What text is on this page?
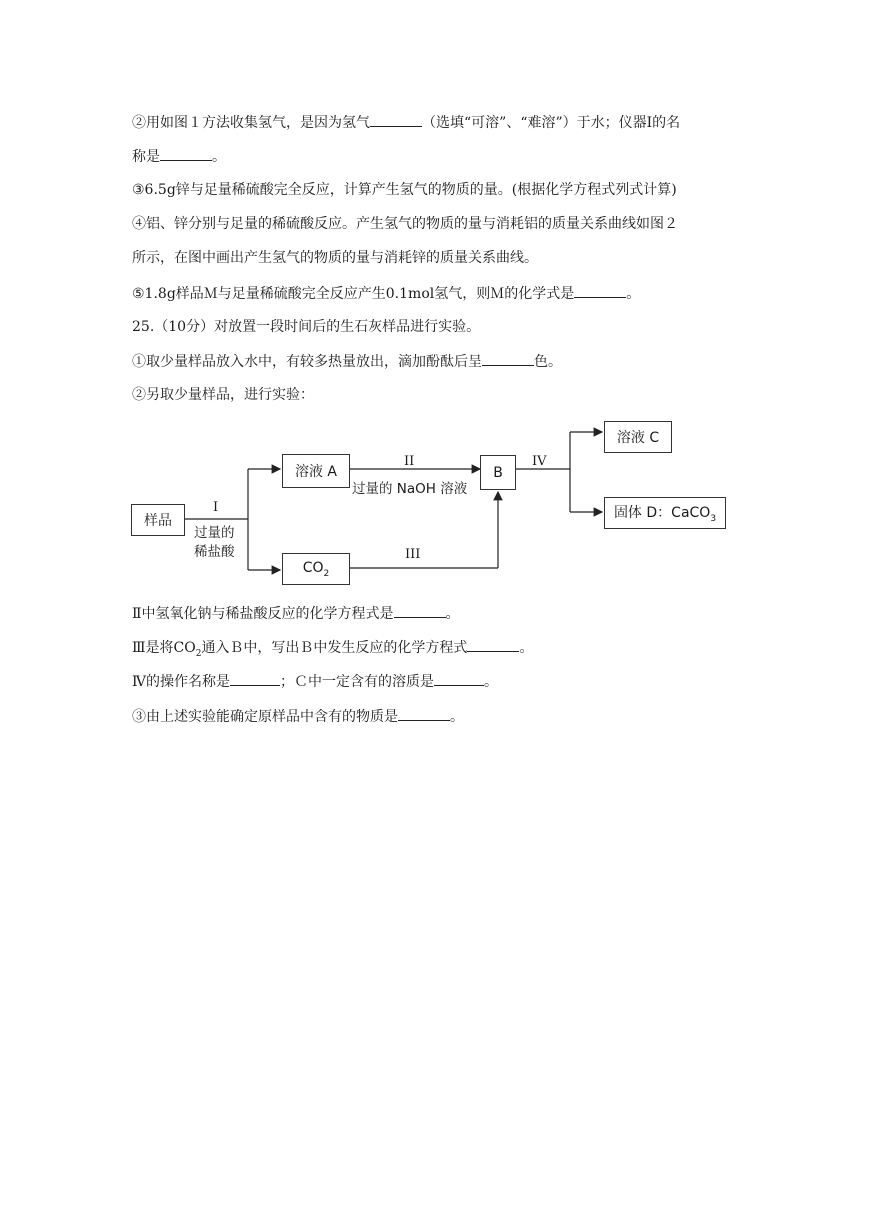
②用如图１方法收集氢气，是因为氢气	（选填“可溶”、“难溶”）于水；仪器Ⅰ的名
称是	。
③6.5g锌与足量稀硫酸完全反应，计算产生氢气的物质的量。(根据化学方程式列式计算)
④铝、锌分别与足量的稀硫酸反应。产生氢气的物质的量与消耗铝的质量关系曲线如图２
所示，在图中画出产生氢气的物质的量与消耗锌的质量关系曲线。
⑤1.8g样品Ｍ与足量稀硫酸完全反应产生0.1mol氢气，则Ｍ的化学式是	。
25.（10分）对放置一段时间后的生石灰样品进行实验。
①取少量样品放入水中，有较多热量放出，滴加酚酞后呈	色。
②另取少量样品，进行实验：
样品
I
过量的
稀盐酸
溶液 A
II
过量的 NaOH 溶液
B
IV
$CO_2$
III
溶液 C
固体 D：CaCO$_3$
Ⅱ中氢氧化钠与稀盐酸反应的化学方程式是	。
Ⅲ是将$CO_2$通入Ｂ中，写出Ｂ中发生反应的化学方程式	。
Ⅳ的操作名称是	；Ｃ中一定含有的溶质是	。
③由上述实验能确定原样品中含有的物质是	。
